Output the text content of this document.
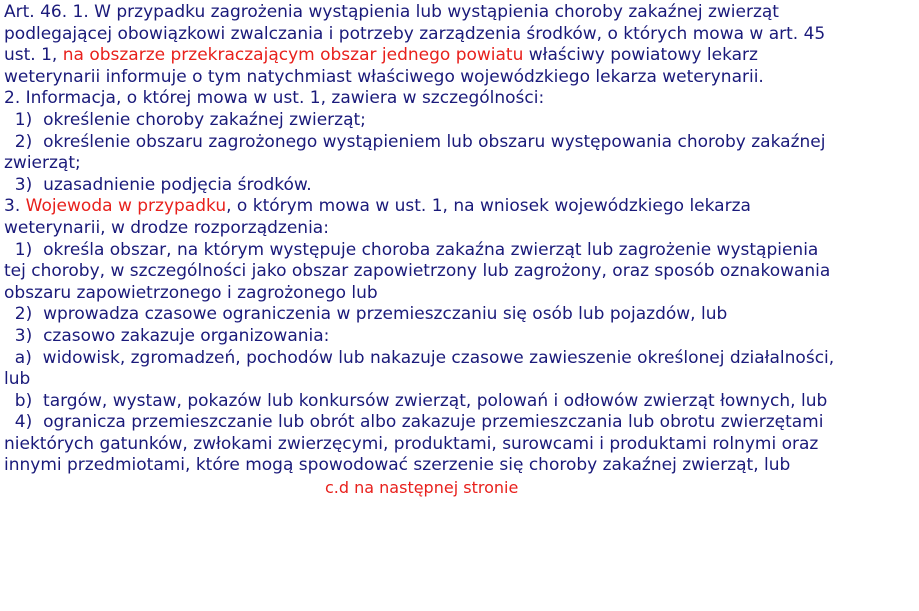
Art. 46. 1. W przypadku zagrożenia wystąpienia lub wystąpienia choroby zakaźnej zwierząt
podlegającej obowiązkowi zwalczania i potrzeby zarządzenia środków, o których mowa w art. 45
ust. 1, na obszarze przekraczającym obszar jednego powiatu właściwy powiatowy lekarz
weterynarii informuje o tym natychmiast właściwego wojewódzkiego lekarza weterynarii.
2. Informacja, o której mowa w ust. 1, zawiera w szczególności:
1)  określenie choroby zakaźnej zwierząt;
2)  określenie obszaru zagrożonego wystąpieniem lub obszaru występowania choroby zakaźnej
zwierząt;
3)  uzasadnienie podjęcia środków.
3. Wojewoda w przypadku, o którym mowa w ust. 1, na wniosek wojewódzkiego lekarza
weterynarii, w drodze rozporządzenia:
1)  określa obszar, na którym występuje choroba zakaźna zwierząt lub zagrożenie wystąpienia
tej choroby, w szczególności jako obszar zapowietrzony lub zagrożony, oraz sposób oznakowania
obszaru zapowietrzonego i zagrożonego lub
2)  wprowadza czasowe ograniczenia w przemieszczaniu się osób lub pojazdów, lub
3)  czasowo zakazuje organizowania:
a)  widowisk, zgromadzeń, pochodów lub nakazuje czasowe zawieszenie określonej działalności,
lub
b)  targów, wystaw, pokazów lub konkursów zwierząt, polowań i odłowów zwierząt łownych, lub
4)  ogranicza przemieszczanie lub obrót albo zakazuje przemieszczania lub obrotu zwierzętami
niektórych gatunków, zwłokami zwierzęcymi, produktami, surowcami i produktami rolnymi oraz
innymi przedmiotami, które mogą spowodować szerzenie się choroby zakaźnej zwierząt, lub
c.d na następnej stronie
